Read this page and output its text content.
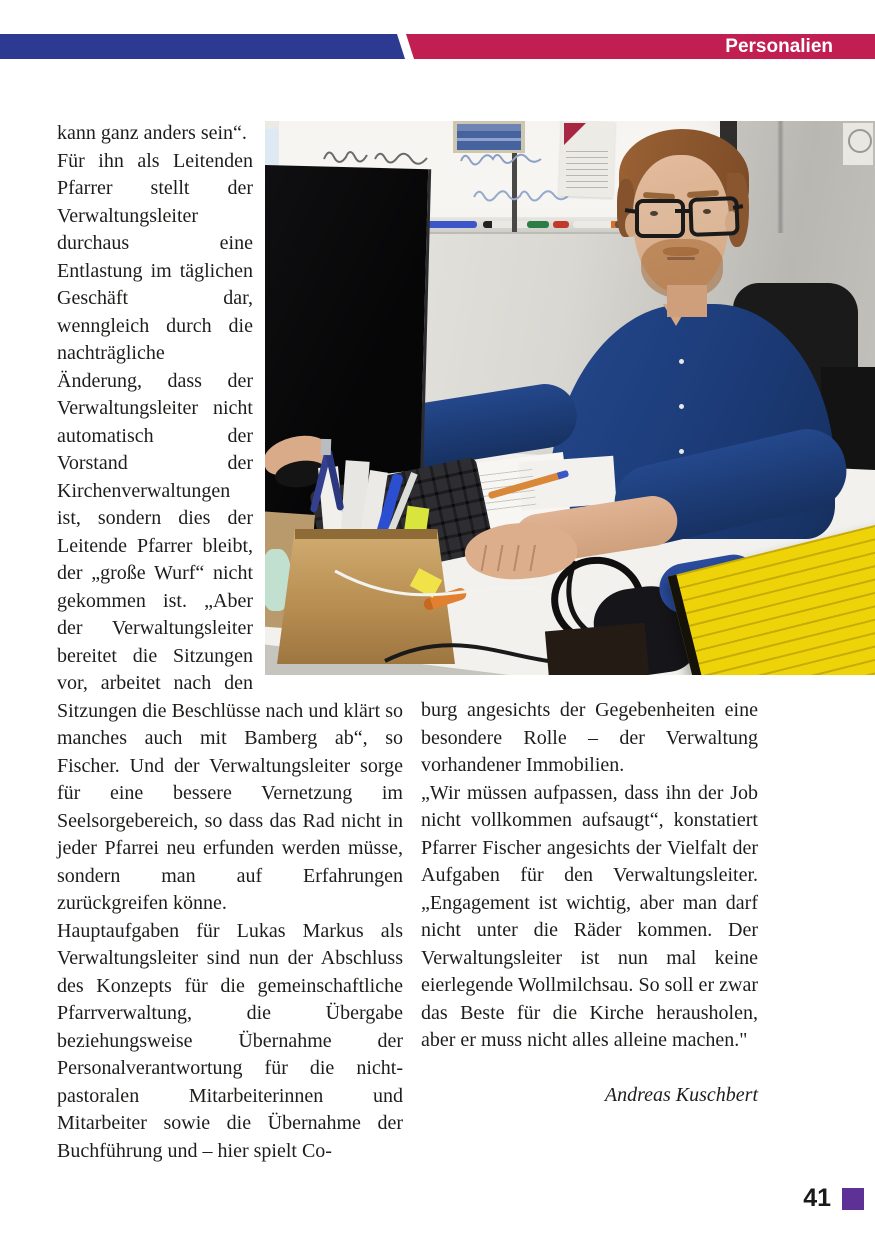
Personalien

kann ganz anders sein“.

Für ihn als Leitenden Pfarrer stellt der Verwaltungsleiter durchaus eine Entlastung im täglichen Geschäft dar, wenngleich durch die nachträgliche Änderung, dass der Verwaltungsleiter nicht automatisch der Vorstand der Kirchenverwaltungen ist, sondern dies der Leitende Pfarrer bleibt, der „große Wurf“ nicht gekommen ist. „Aber der Verwaltungsleiter bereitet die Sitzungen vor, arbeitet nach den Sitzungen die Beschlüsse nach und klärt so manches auch mit Bamberg ab“, so Fischer. Und der Verwaltungsleiter sorge für eine bessere Vernetzung im Seelsorgebereich, so dass das Rad nicht in jeder Pfarrei neu erfunden werden müsse, sondern man auf Erfahrungen zurückgreifen könne.

Hauptaufgaben für Lukas Markus als Verwaltungsleiter sind nun der Abschluss des Konzepts für die gemeinschaftliche Pfarrverwaltung, die Übergabe beziehungsweise Übernahme der Personalverantwortung für die nicht-pastoralen Mitarbeiterinnen und Mitarbeiter sowie die Übernahme der Buchführung und – hier spielt Co-

burg angesichts der Gegebenheiten eine besondere Rolle – der Verwaltung vorhandener Immobilien.

„Wir müssen aufpassen, dass ihn der Job nicht vollkommen aufsaugt“, konstatiert Pfarrer Fischer angesichts der Vielfalt der Aufgaben für den Verwaltungsleiter. „Engagement ist wichtig, aber man darf nicht unter die Räder kommen. Der Verwaltungsleiter ist nun mal keine eierlegende Wollmilchsau. So soll er zwar das Beste für die Kirche herausholen, aber er muss nicht alles alleine machen."

Andreas Kuschbert

41
